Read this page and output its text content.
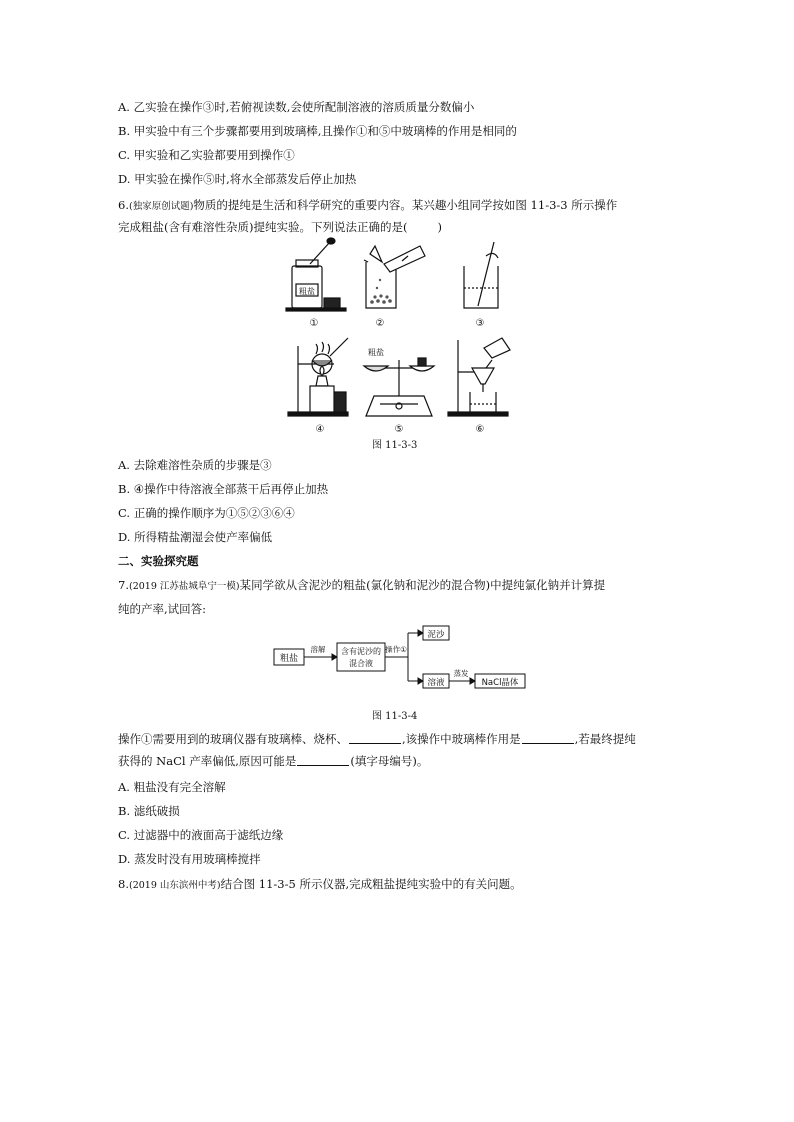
A. 乙实验在操作③时,若俯视读数,会使所配制溶液的溶质质量分数偏小
B. 甲实验中有三个步骤都要用到玻璃棒,且操作①和⑤中玻璃棒的作用是相同的
C. 甲实验和乙实验都要用到操作①
D. 甲实验在操作⑤时,将水全部蒸发后停止加热
6.(独家原创试题)物质的提纯是生活和科学研究的重要内容。某兴趣小组同学按如图 11-3-3 所示操作
完成粗盐(含有难溶性杂质)提纯实验。下列说法正确的是(	)
粗盐
①	②	③
④
粗盐
⑤	⑥
图 11-3-3
A. 去除难溶性杂质的步骤是③
B. ④操作中待溶液全部蒸干后再停止加热
C. 正确的操作顺序为①⑤②③⑥④
D. 所得精盐潮湿会使产率偏低
二、实验探究题
7.(2019 江苏盐城阜宁一模)某同学欲从含泥沙的粗盐(氯化钠和泥沙的混合物)中提纯氯化钠并计算提
纯的产率,试回答:
粗盐
溶解 含有泥沙的
混合液
操作①
泥沙
溶液
蒸发
NaCl晶体
图 11-3-4
操作①需要用到的玻璃仪器有玻璃棒、烧杯、	,该操作中玻璃棒作用是	,若最终提纯
获得的 NaCl 产率偏低,原因可能是	(填字母编号)。
A. 粗盐没有完全溶解
B. 滤纸破损
C. 过滤器中的液面高于滤纸边缘
D. 蒸发时没有用玻璃棒搅拌
8.(2019 山东滨州中考)结合图 11-3-5 所示仪器,完成粗盐提纯实验中的有关问题。
